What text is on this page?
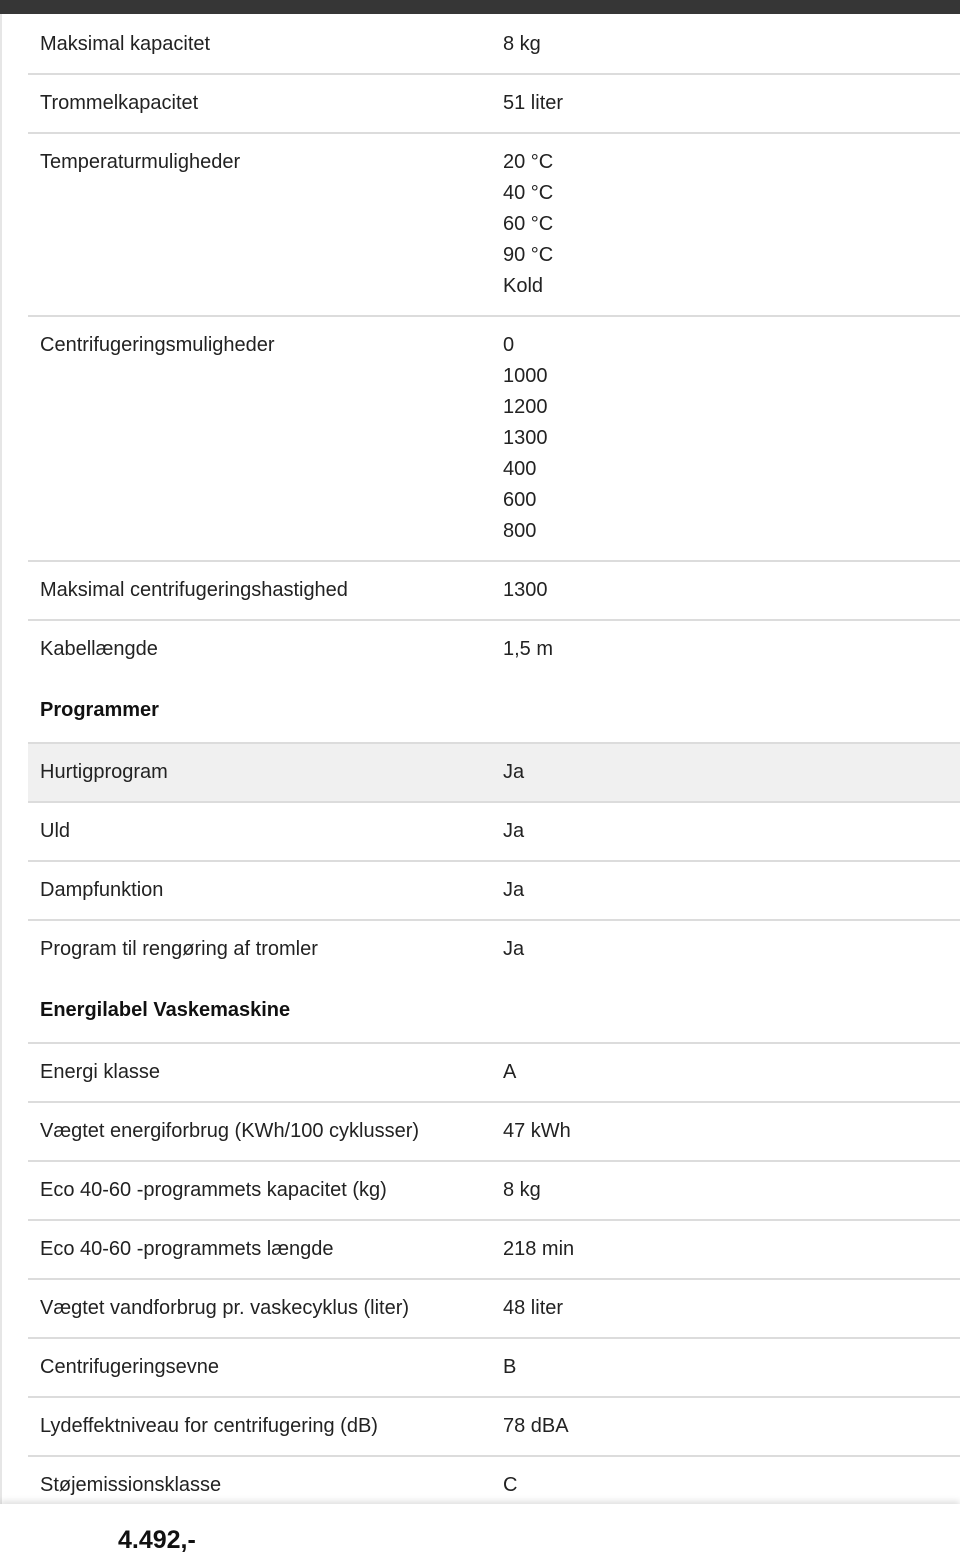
Maksimal kapacitet	8 kg
Trommelkapacitet	51 liter
Temperaturmuligheder	20 °C
40 °C
60 °C
90 °C
Kold
Centrifugeringsmuligheder	0
1000
1200
1300
400
600
800
Maksimal centrifugeringshastighed	1300
Kabellængde	1,5 m
Programmer
Hurtigprogram	Ja
Uld	Ja
Dampfunktion	Ja
Program til rengøring af tromler	Ja
Energilabel Vaskemaskine
Energi klasse	A
Vægtet energiforbrug (KWh/100 cyklusser)	47 kWh
Eco 40-60 -programmets kapacitet (kg)	8 kg
Eco 40-60 -programmets længde	218 min
Vægtet vandforbrug pr. vaskecyklus (liter)	48 liter
Centrifugeringsevne	B
Lydeffektniveau for centrifugering (dB)	78 dBA
Støjemissionsklasse	C
4.492,-
